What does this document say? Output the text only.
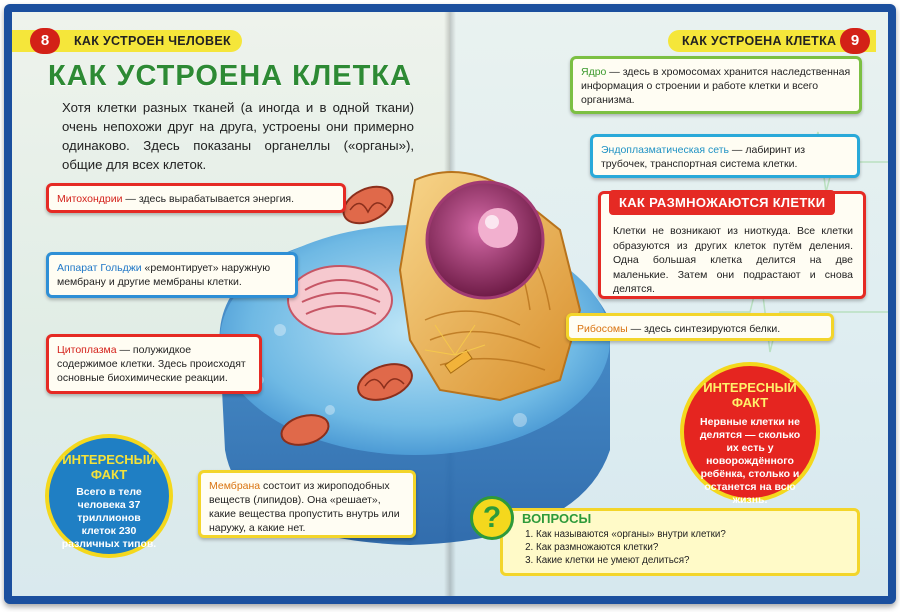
8	КАК УСТРОЕН ЧЕЛОВЕК	КАК УСТРОЕНА КЛЕТКА 9
КАК УСТРОЕНА КЛЕТКА
Хотя клетки разных тканей (а иногда и в одной ткани) очень непохожи друг на друга, устроены они примерно одинаково. Здесь показаны органеллы («органы»), общие для всех клеток.
Митохондрии — здесь вырабатывается энергия.
Аппарат Гольджи «ремонтирует» наружную мембрану и другие мембраны клетки.
Цитоплазма — полужидкое содержимое клетки. Здесь происходят основные биохимические реакции.
Мембрана состоит из жироподобных веществ (липидов). Она «решает», какие вещества пропустить внутрь или наружу, а какие нет.
ИНТЕРЕСНЫЙ ФАКТ
Всего в теле человека 37 триллионов клеток 230 различных типов.
Ядро — здесь в хромосомах хранится наследственная информация о строении и работе клетки и всего организма.
Эндоплазматическая сеть — лабиринт из трубочек, транспортная система клетки.
КАК РАЗМНОЖАЮТСЯ КЛЕТКИ
Клетки не возникают из ниоткуда. Все клетки образуются из других клеток путём деления. Одна большая клетка делится на две маленькие. Затем они подрастают и снова делятся.
Рибосомы — здесь синтезируются белки.
ИНТЕРЕСНЫЙ ФАКТ
Нервные клетки не делятся — сколько их есть у новорождённого ребёнка, столько и останется на всю жизнь.
?	ВОПРОСЫ
1. Как называются «органы» внутри клетки?
2. Как размножаются клетки?
3. Какие клетки не умеют делиться?
